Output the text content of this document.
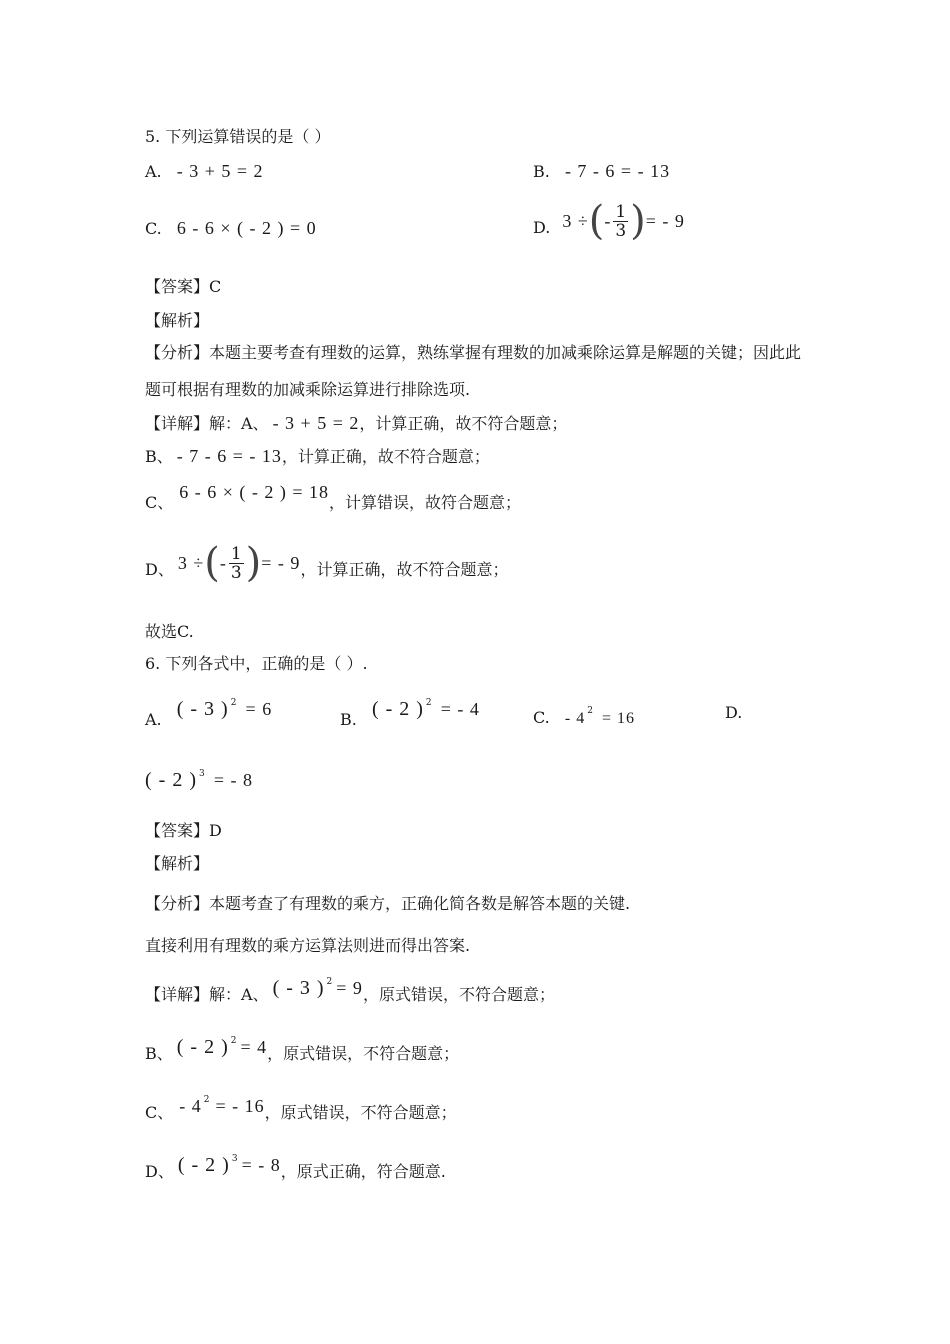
5. 下列运算错误的是（ ）
A. - 3 + 5 = 2	B. - 7 - 6 = - 13
C. 6 - 6 × ( - 2 ) = 0	D. 3 ÷ ( - $\frac{1}{3}$ ) = - 9
【答案】C
【解析】
【分析】本题主要考查有理数的运算，熟练掌握有理数的加减乘除运算是解题的关键；因此此
题可根据有理数的加减乘除运算进行排除选项.
【详解】解：A、 - 3 + 5 = 2，计算正确，故不符合题意；
B、 - 7 - 6 = - 13，计算正确，故不符合题意；
C、6 - 6 × ( - 2 ) = 18，计算错误，故符合题意；
D、 3 ÷ ( - $\frac{1}{3}$ ) = - 9 ，计算正确，故不符合题意；
故选C.
6. 下列各式中，正确的是（ ）.
A. ( - 3 ) $^2$ = 6
B. ( - 2 ) $^2$ = - 4	C. - 4 $^2$ = 16	D.
( - 2 ) $^3$ = - 8
【答案】D
【解析】
【分析】本题考查了有理数的乘方，正确化简各数是解答本题的关键.
直接利用有理数的乘方运算法则进而得出答案.
【详解】解：A、 ( - 3 ) $^2$ = 9，原式错误，不符合题意；
B、 ( - 2 ) $^2$ = 4，原式错误，不符合题意；
C、 - 4 $^2$ = - 16，原式错误，不符合题意；
D、 ( - 2 ) $^3$ = - 8，原式正确，符合题意.
